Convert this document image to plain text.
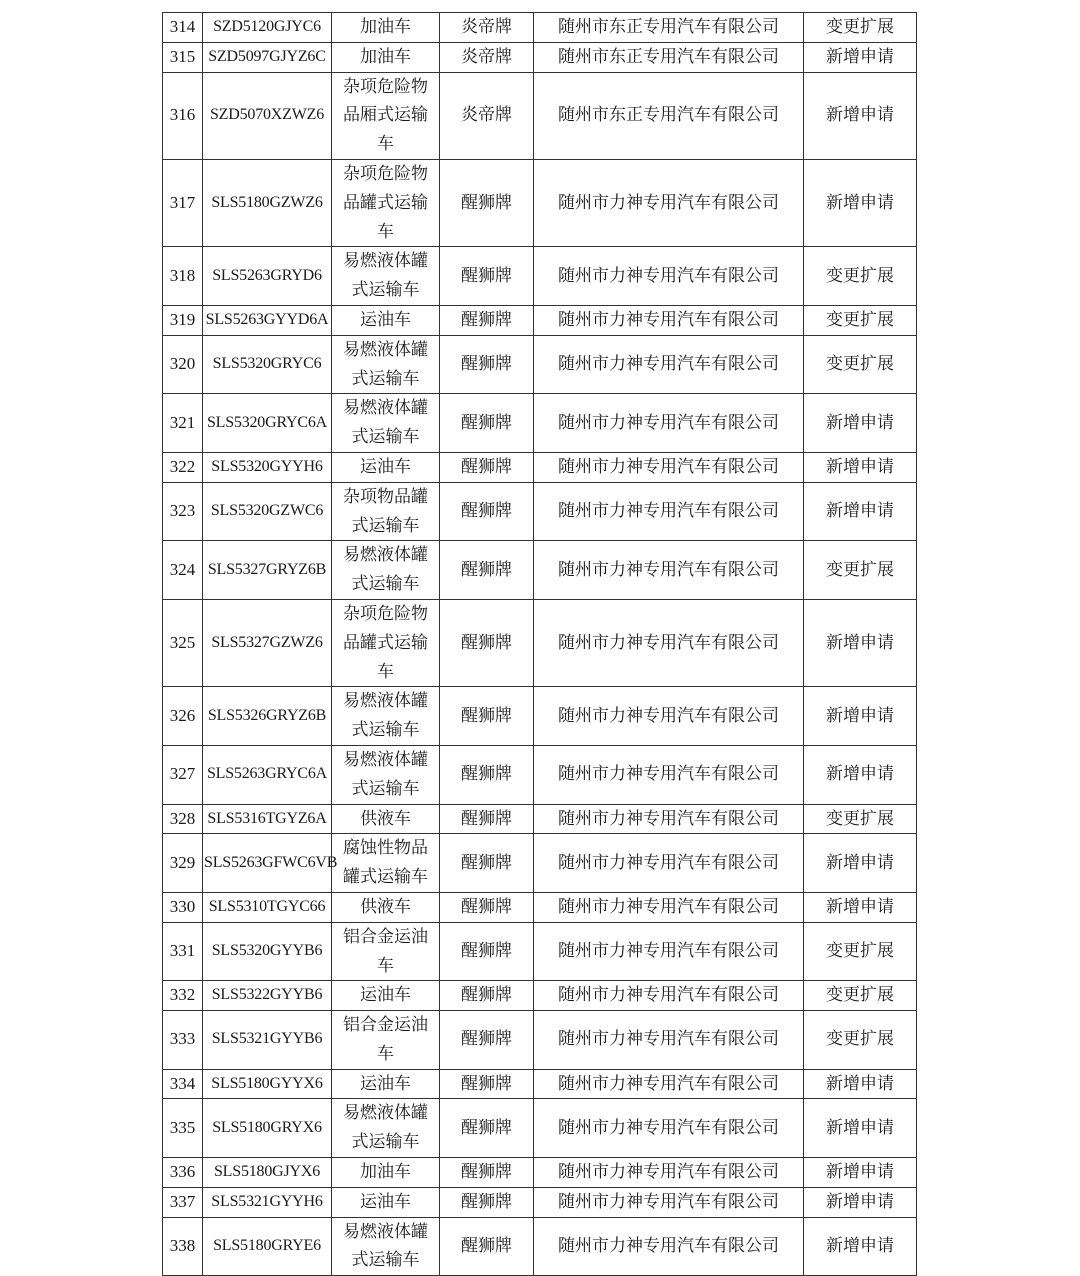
314	SZD5120GJYC6	加油车	炎帝牌	随州市东正专用汽车有限公司	变更扩展
315	SZD5097GJYZ6C	加油车	炎帝牌	随州市东正专用汽车有限公司	新增申请
316	SZD5070XZWZ6	杂项危险物品厢式运输车	炎帝牌	随州市东正专用汽车有限公司	新增申请
317	SLS5180GZWZ6	杂项危险物品罐式运输车	醒狮牌	随州市力神专用汽车有限公司	新增申请
318	SLS5263GRYD6	易燃液体罐式运输车	醒狮牌	随州市力神专用汽车有限公司	变更扩展
319	SLS5263GYYD6A	运油车	醒狮牌	随州市力神专用汽车有限公司	变更扩展
320	SLS5320GRYC6	易燃液体罐式运输车	醒狮牌	随州市力神专用汽车有限公司	变更扩展
321	SLS5320GRYC6A	易燃液体罐式运输车	醒狮牌	随州市力神专用汽车有限公司	新增申请
322	SLS5320GYYH6	运油车	醒狮牌	随州市力神专用汽车有限公司	新增申请
323	SLS5320GZWC6	杂项物品罐式运输车	醒狮牌	随州市力神专用汽车有限公司	新增申请
324	SLS5327GRYZ6B	易燃液体罐式运输车	醒狮牌	随州市力神专用汽车有限公司	变更扩展
325	SLS5327GZWZ6	杂项危险物品罐式运输车	醒狮牌	随州市力神专用汽车有限公司	新增申请
326	SLS5326GRYZ6B	易燃液体罐式运输车	醒狮牌	随州市力神专用汽车有限公司	新增申请
327	SLS5263GRYC6A	易燃液体罐式运输车	醒狮牌	随州市力神专用汽车有限公司	新增申请
328	SLS5316TGYZ6A	供液车	醒狮牌	随州市力神专用汽车有限公司	变更扩展
329	SLS5263GFWC6VB	腐蚀性物品罐式运输车	醒狮牌	随州市力神专用汽车有限公司	新增申请
330	SLS5310TGYC66	供液车	醒狮牌	随州市力神专用汽车有限公司	新增申请
331	SLS5320GYYB6	铝合金运油车	醒狮牌	随州市力神专用汽车有限公司	变更扩展
332	SLS5322GYYB6	运油车	醒狮牌	随州市力神专用汽车有限公司	变更扩展
333	SLS5321GYYB6	铝合金运油车	醒狮牌	随州市力神专用汽车有限公司	变更扩展
334	SLS5180GYYX6	运油车	醒狮牌	随州市力神专用汽车有限公司	新增申请
335	SLS5180GRYX6	易燃液体罐式运输车	醒狮牌	随州市力神专用汽车有限公司	新增申请
336	SLS5180GJYX6	加油车	醒狮牌	随州市力神专用汽车有限公司	新增申请
337	SLS5321GYYH6	运油车	醒狮牌	随州市力神专用汽车有限公司	新增申请
338	SLS5180GRYE6	易燃液体罐式运输车	醒狮牌	随州市力神专用汽车有限公司	新增申请
